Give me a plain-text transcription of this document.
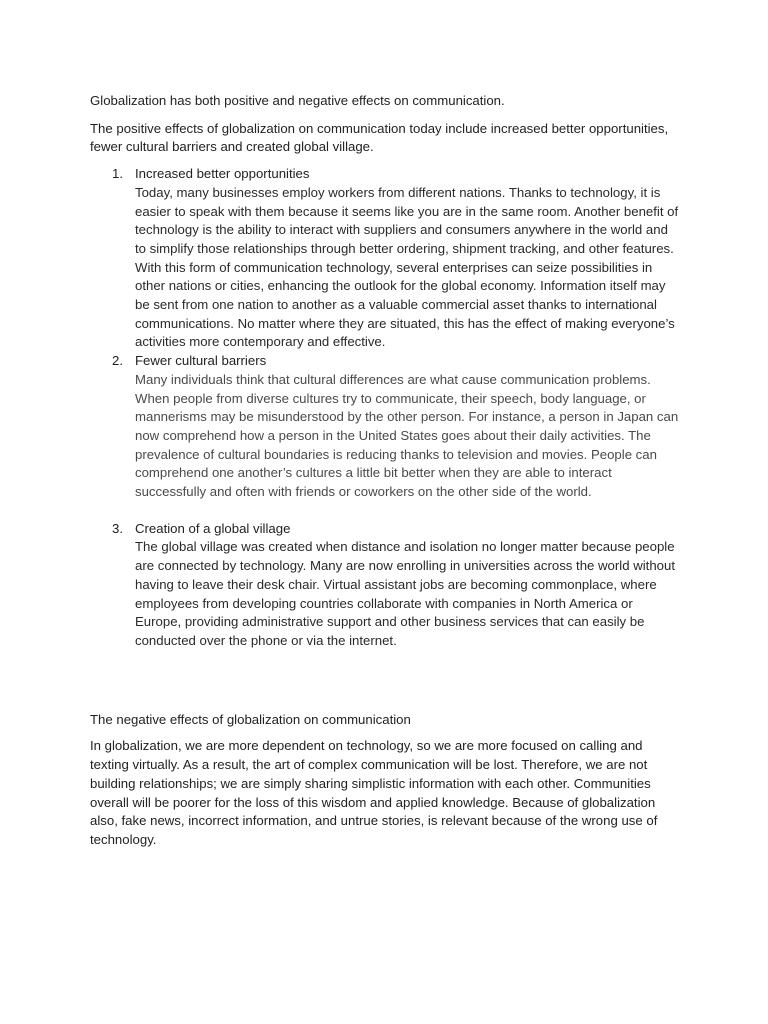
Globalization has both positive and negative effects on communication.

The positive effects of globalization on communication today include increased better opportunities, fewer cultural barriers and created global village.

1. Increased better opportunities
Today, many businesses employ workers from different nations. Thanks to technology, it is easier to speak with them because it seems like you are in the same room. Another benefit of technology is the ability to interact with suppliers and consumers anywhere in the world and to simplify those relationships through better ordering, shipment tracking, and other features. With this form of communication technology, several enterprises can seize possibilities in other nations or cities, enhancing the outlook for the global economy. Information itself may be sent from one nation to another as a valuable commercial asset thanks to international communications. No matter where they are situated, this has the effect of making everyone’s activities more contemporary and effective.
2. Fewer cultural barriers
Many individuals think that cultural differences are what cause communication problems. When people from diverse cultures try to communicate, their speech, body language, or mannerisms may be misunderstood by the other person. For instance, a person in Japan can now comprehend how a person in the United States goes about their daily activities. The prevalence of cultural boundaries is reducing thanks to television and movies. People can comprehend one another’s cultures a little bit better when they are able to interact successfully and often with friends or coworkers on the other side of the world.
3. Creation of a global village
The global village was created when distance and isolation no longer matter because people are connected by technology. Many are now enrolling in universities across the world without having to leave their desk chair. Virtual assistant jobs are becoming commonplace, where employees from developing countries collaborate with companies in North America or Europe, providing administrative support and other business services that can easily be conducted over the phone or via the internet.

The negative effects of globalization on communication

In globalization, we are more dependent on technology, so we are more focused on calling and texting virtually. As a result, the art of complex communication will be lost. Therefore, we are not building relationships; we are simply sharing simplistic information with each other. Communities overall will be poorer for the loss of this wisdom and applied knowledge. Because of globalization also, fake news, incorrect information, and untrue stories, is relevant because of the wrong use of technology.
